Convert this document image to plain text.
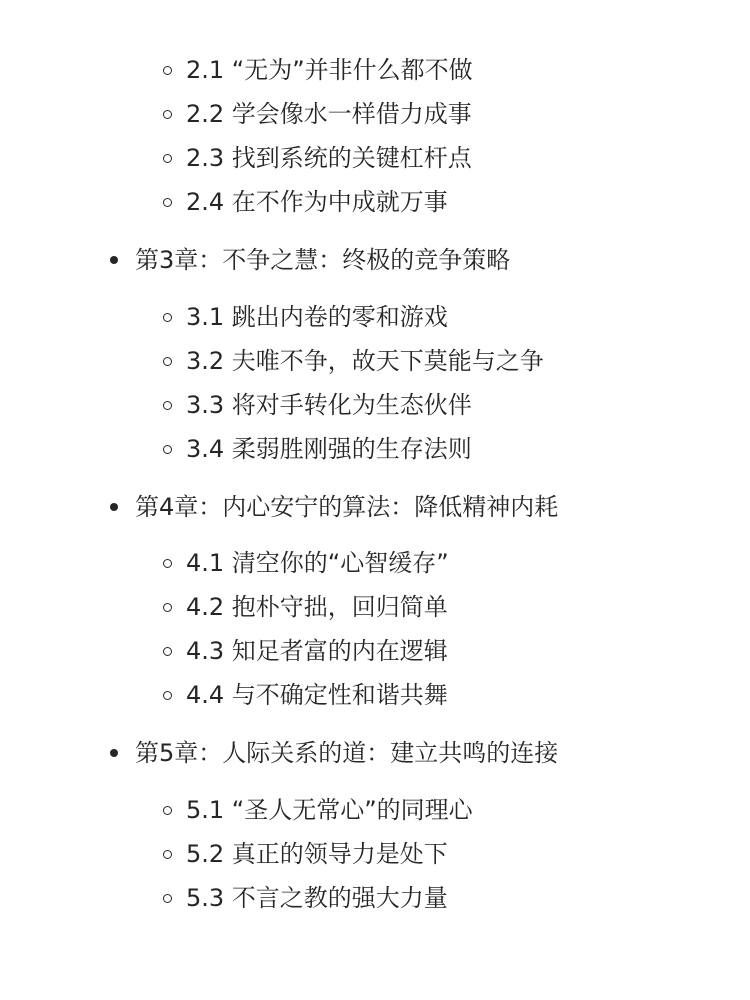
2.1 “无为”并非什么都不做
2.2 学会像水一样借力成事
2.3 找到系统的关键杠杆点
2.4 在不作为中成就万事
第3章：不争之慧：终极的竞争策略
3.1 跳出内卷的零和游戏
3.2 夫唯不争，故天下莫能与之争
3.3 将对手转化为生态伙伴
3.4 柔弱胜刚强的生存法则
第4章：内心安宁的算法：降低精神内耗
4.1 清空你的“心智缓存”
4.2 抱朴守拙，回归简单
4.3 知足者富的内在逻辑
4.4 与不确定性和谐共舞
第5章：人际关系的道：建立共鸣的连接
5.1 “圣人无常心”的同理心
5.2 真正的领导力是处下
5.3 不言之教的强大力量
